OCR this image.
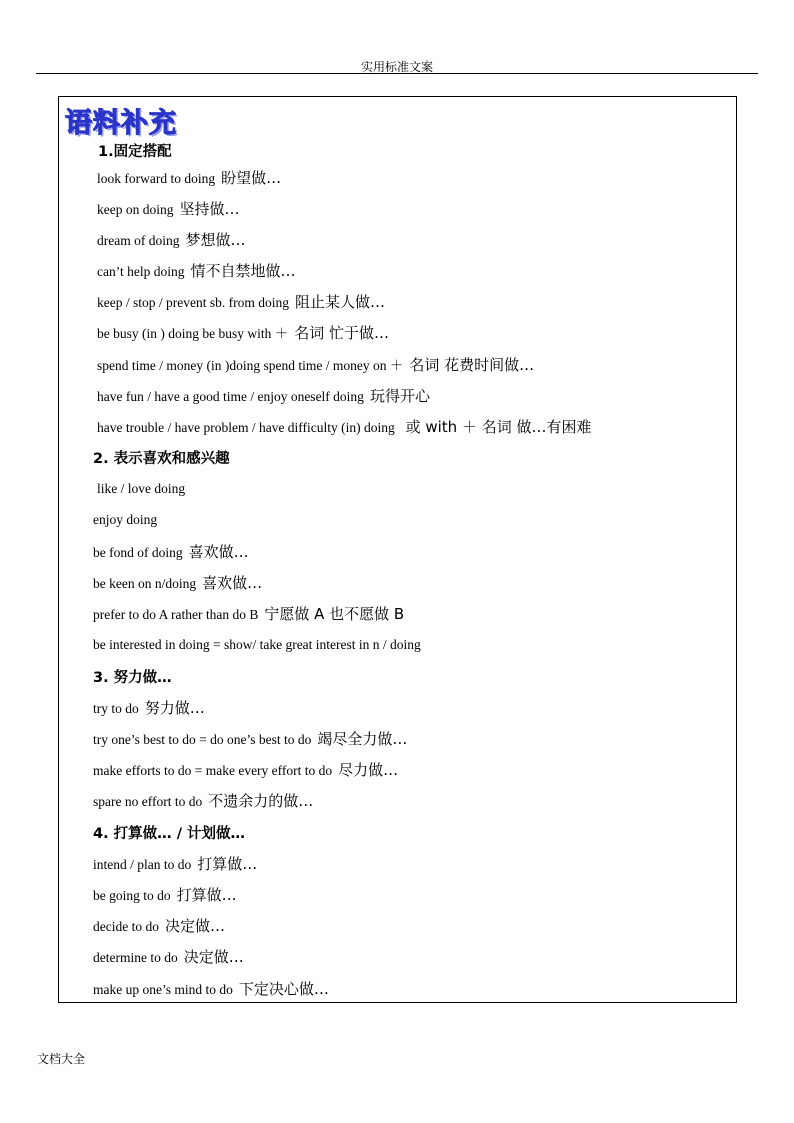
实用标准文案
语料补充
1.固定搭配
look forward to doing 盼望做…
keep on doing 坚持做…
dream of doing 梦想做…
can’t help doing 情不自禁地做…
keep / stop / prevent sb. from doing 阻止某人做…
be busy (in ) doing be busy with ＋ 名词 忙于做…
spend time / money (in )doing spend time / money on ＋ 名词 花费时间做…
have fun / have a good time / enjoy oneself doing 玩得开心
have trouble / have problem / have difficulty (in) doing 或 with ＋ 名词 做…有困难
2. 表示喜欢和感兴趣
like / love doing
enjoy doing
be fond of doing 喜欢做…
be keen on n/doing 喜欢做…
prefer to do A rather than do B 宁愿做 A 也不愿做 B
be interested in doing = show/ take great interest in n / doing
3. 努力做…
try to do 努力做…
try one’s best to do = do one’s best to do 竭尽全力做…
make efforts to do = make every effort to do 尽力做…
spare no effort to do 不遗余力的做…
4. 打算做… / 计划做…
intend / plan to do 打算做…
be going to do 打算做…
decide to do 决定做…
determine to do 决定做…
make up one’s mind to do 下定决心做…
文档大全
